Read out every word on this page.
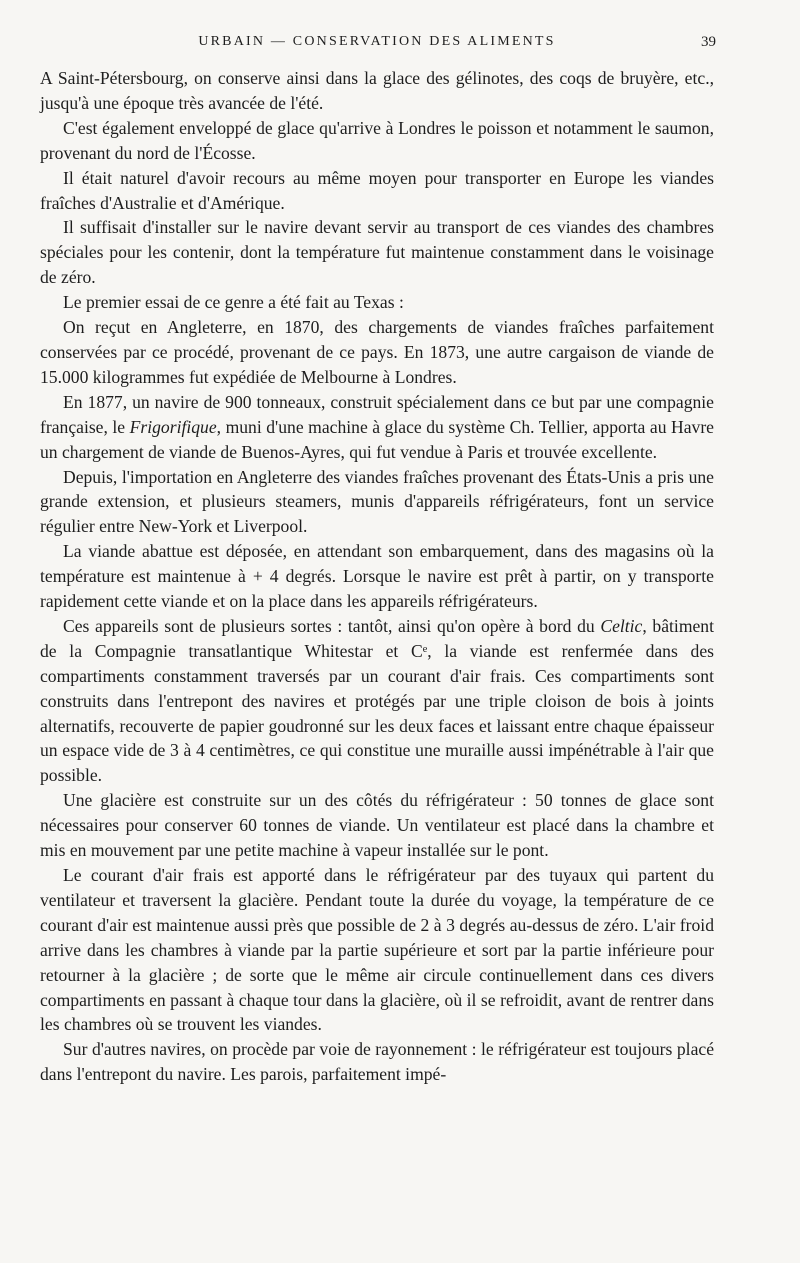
URBAIN — CONSERVATION DES ALIMENTS	39

A Saint-Pétersbourg, on conserve ainsi dans la glace des gélinotes, des coqs de bruyère, etc., jusqu'à une époque très avancée de l'été.

C'est également enveloppé de glace qu'arrive à Londres le poisson et notamment le saumon, provenant du nord de l'Écosse.

Il était naturel d'avoir recours au même moyen pour transporter en Europe les viandes fraîches d'Australie et d'Amérique.

Il suffisait d'installer sur le navire devant servir au transport de ces viandes des chambres spéciales pour les contenir, dont la température fut maintenue constamment dans le voisinage de zéro.

Le premier essai de ce genre a été fait au Texas :

On reçut en Angleterre, en 1870, des chargements de viandes fraîches parfaitement conservées par ce procédé, provenant de ce pays. En 1873, une autre cargaison de viande de 15.000 kilogrammes fut expédiée de Melbourne à Londres.

En 1877, un navire de 900 tonneaux, construit spécialement dans ce but par une compagnie française, le Frigorifique, muni d'une machine à glace du système Ch. Tellier, apporta au Havre un chargement de viande de Buenos-Ayres, qui fut vendue à Paris et trouvée excellente.

Depuis, l'importation en Angleterre des viandes fraîches provenant des États-Unis a pris une grande extension, et plusieurs steamers, munis d'appareils réfrigérateurs, font un service régulier entre New-York et Liverpool.

La viande abattue est déposée, en attendant son embarquement, dans des magasins où la température est maintenue à + 4 degrés. Lorsque le navire est prêt à partir, on y transporte rapidement cette viande et on la place dans les appareils réfrigérateurs.

Ces appareils sont de plusieurs sortes : tantôt, ainsi qu'on opère à bord du Celtic, bâtiment de la Compagnie transatlantique Whitestar et Cᵉ, la viande est renfermée dans des compartiments constamment traversés par un courant d'air frais. Ces compartiments sont construits dans l'entrepont des navires et protégés par une triple cloison de bois à joints alternatifs, recouverte de papier goudronné sur les deux faces et laissant entre chaque épaisseur un espace vide de 3 à 4 centimètres, ce qui constitue une muraille aussi impénétrable à l'air que possible.

Une glacière est construite sur un des côtés du réfrigérateur : 50 tonnes de glace sont nécessaires pour conserver 60 tonnes de viande. Un ventilateur est placé dans la chambre et mis en mouvement par une petite machine à vapeur installée sur le pont.

Le courant d'air frais est apporté dans le réfrigérateur par des tuyaux qui partent du ventilateur et traversent la glacière. Pendant toute la durée du voyage, la température de ce courant d'air est maintenue aussi près que possible de 2 à 3 degrés au-dessus de zéro. L'air froid arrive dans les chambres à viande par la partie supérieure et sort par la partie inférieure pour retourner à la glacière ; de sorte que le même air circule continuellement dans ces divers compartiments en passant à chaque tour dans la glacière, où il se refroidit, avant de rentrer dans les chambres où se trouvent les viandes.

Sur d'autres navires, on procède par voie de rayonnement : le réfrigérateur est toujours placé dans l'entrepont du navire. Les parois, parfaitement impé-
